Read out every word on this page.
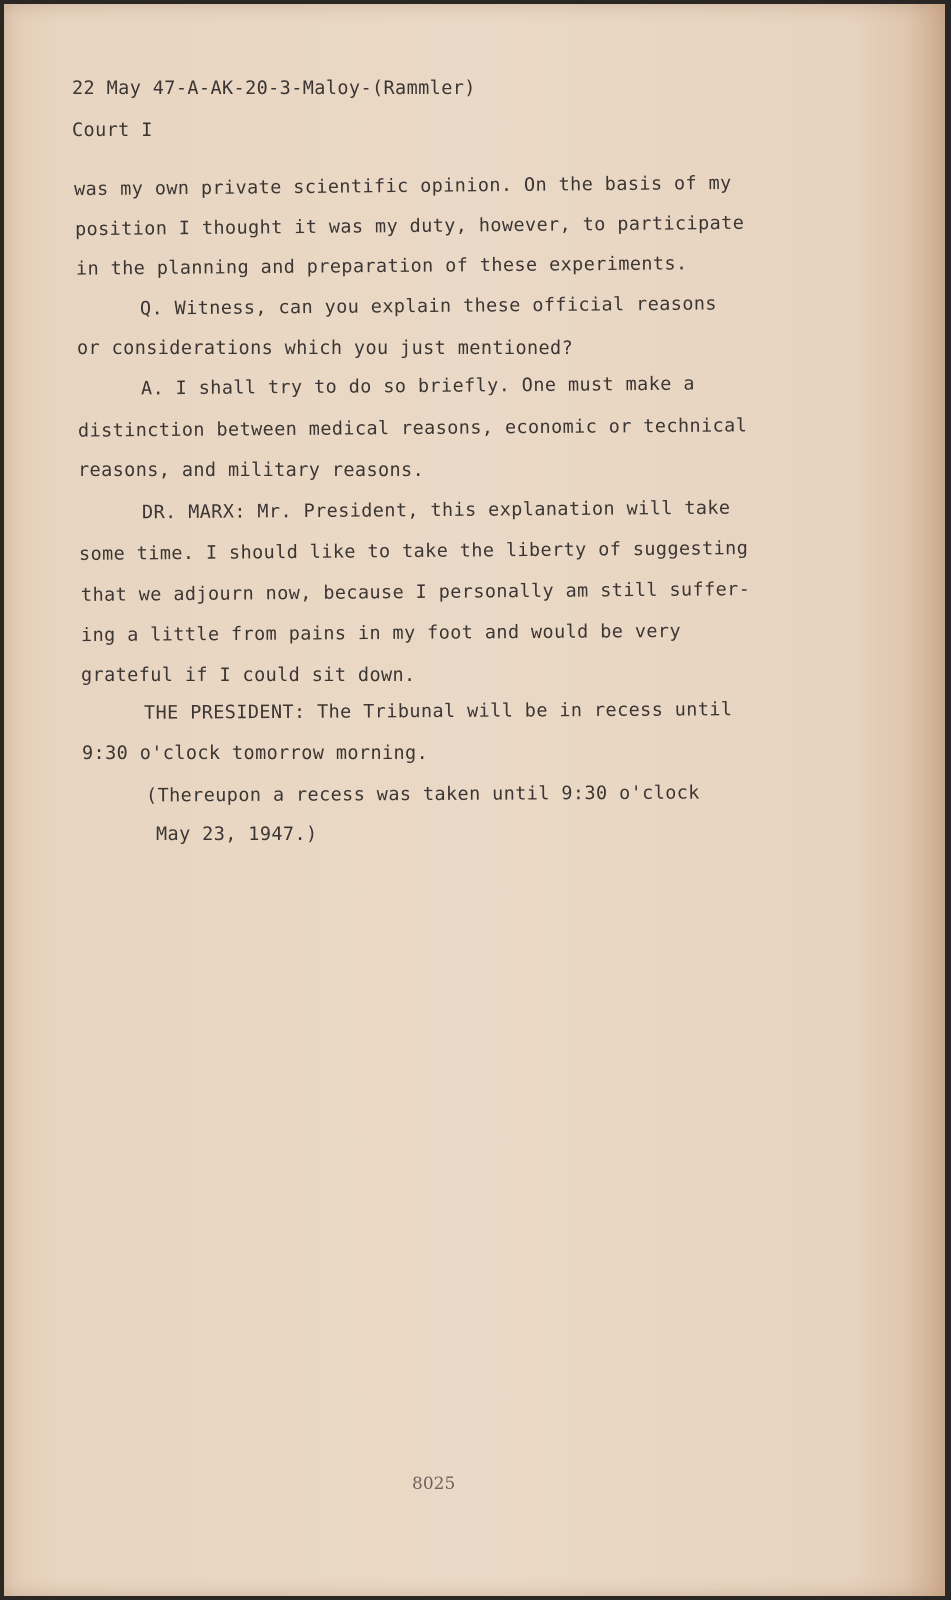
22 May 47-A-AK-20-3-Maloy-(Rammler)
Court I
was my own private scientific opinion. On the basis of my
position I thought it was my duty, however, to participate
in the planning and preparation of these experiments.
Q. Witness, can you explain these official reasons
or considerations which you just mentioned?
A. I shall try to do so briefly. One must make a
distinction between medical reasons, economic or technical
reasons, and military reasons.
DR. MARX: Mr. President, this explanation will take
some time. I should like to take the liberty of suggesting
that we adjourn now, because I personally am still suffer-
ing a little from pains in my foot and would be very
grateful if I could sit down.
THE PRESIDENT: The Tribunal will be in recess until
9:30 o'clock tomorrow morning.
(Thereupon a recess was taken until 9:30 o'clock
May 23, 1947.)
8025
